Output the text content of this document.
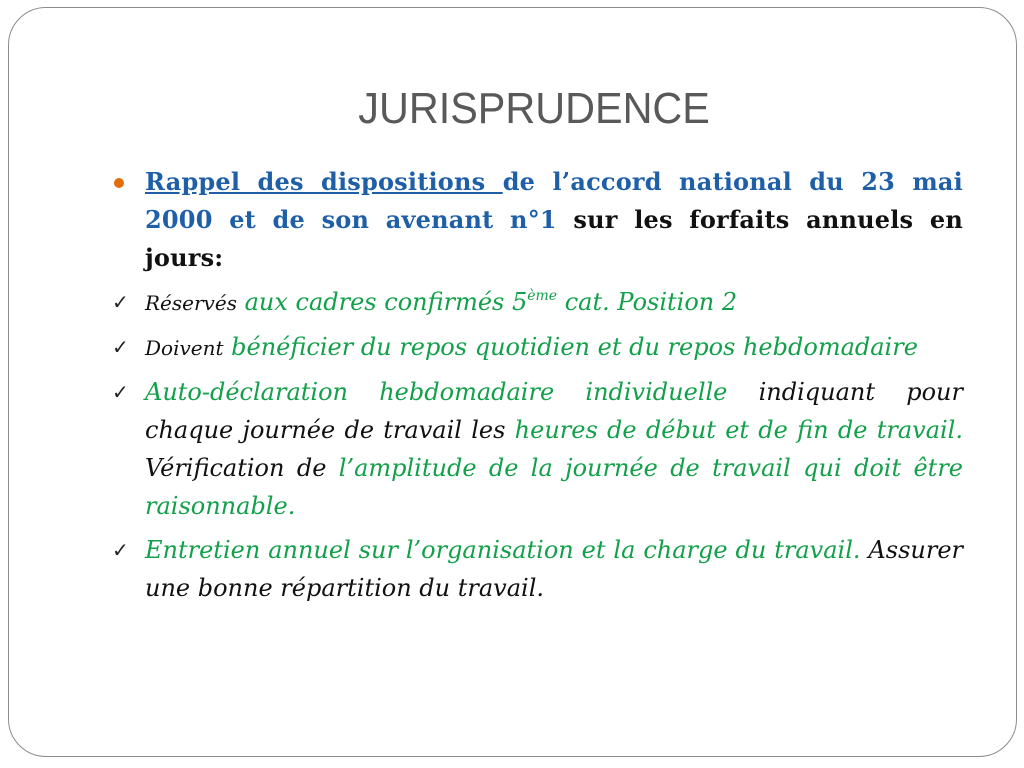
JURISPRUDENCE
Rappel des dispositions de l’accord national du 23 mai 2000 et de son avenant n°1 sur les forfaits annuels en jours:
✓ Réservés aux cadres confirmés 5ème cat. Position 2
✓ Doivent bénéficier du repos quotidien et du repos hebdomadaire
✓ Auto-déclaration hebdomadaire individuelle indiquant pour chaque journée de travail les heures de début et de fin de travail. Vérification de l’amplitude de la journée de travail qui doit être raisonnable.
✓ Entretien annuel sur l’organisation et la charge du travail. Assurer une bonne répartition du travail.
